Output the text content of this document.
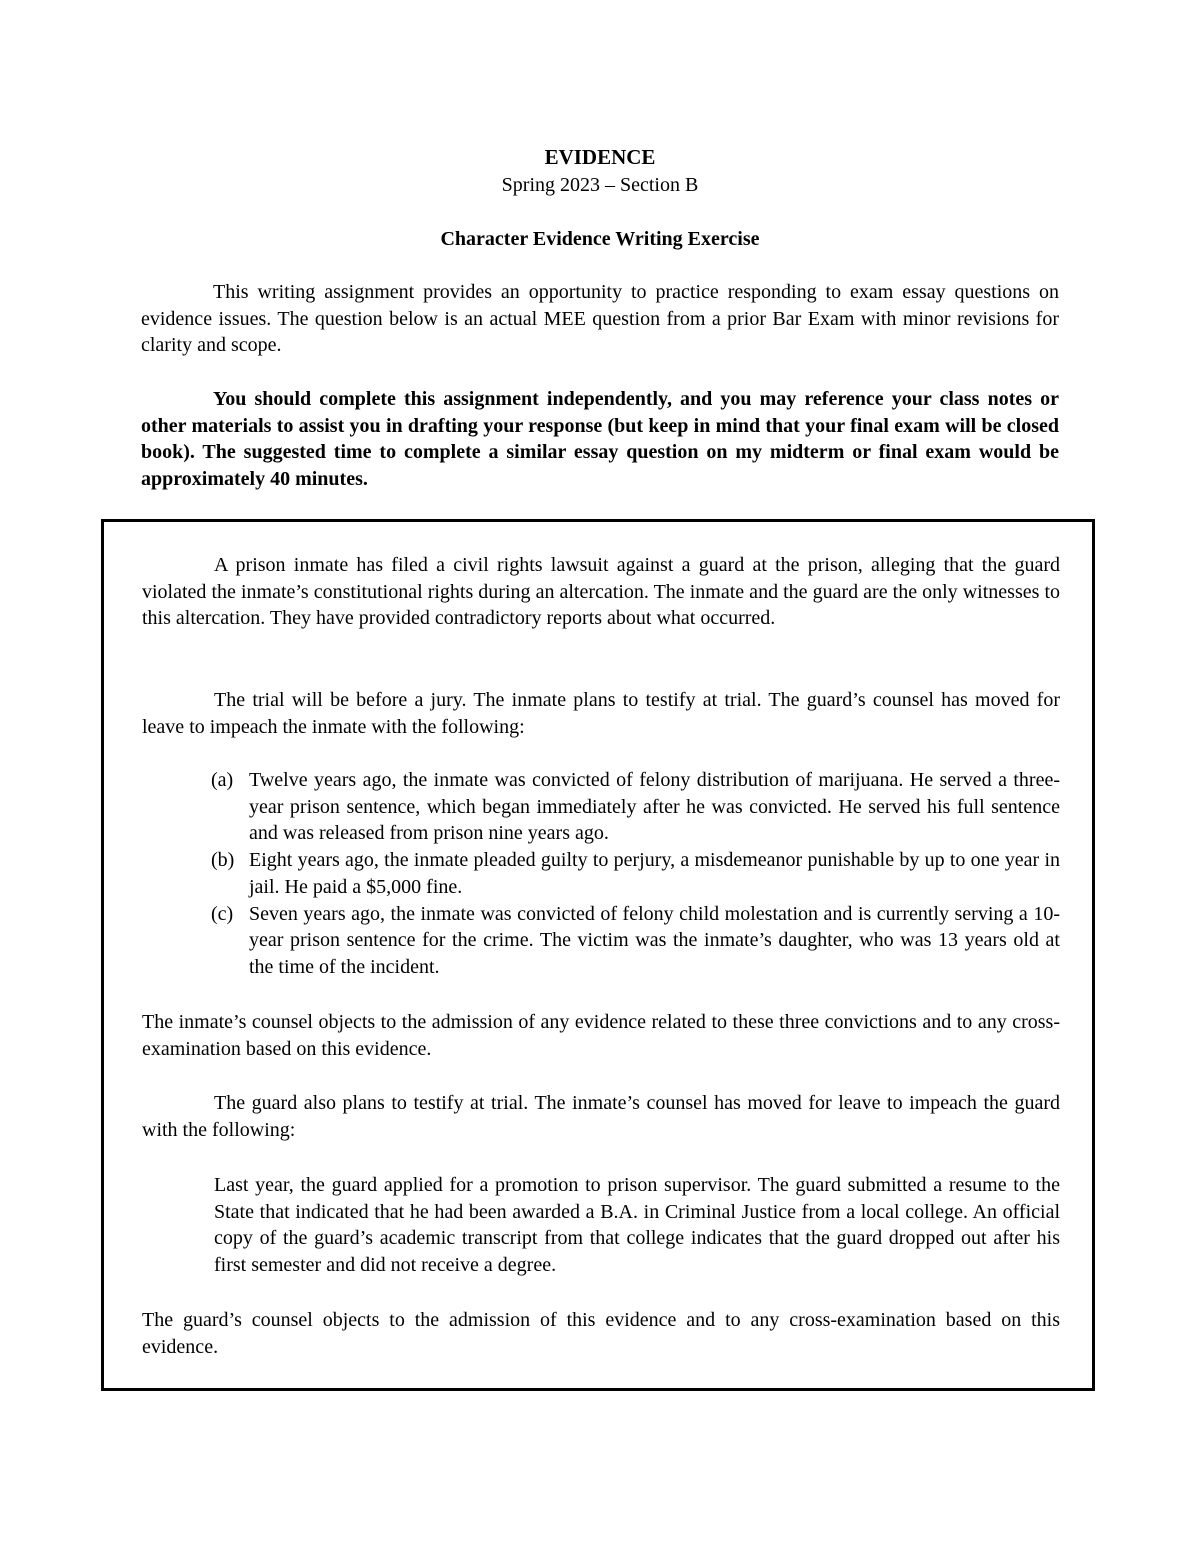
EVIDENCE
Spring 2023 – Section B
Character Evidence Writing Exercise

This writing assignment provides an opportunity to practice responding to exam essay questions on evidence issues. The question below is an actual MEE question from a prior Bar Exam with minor revisions for clarity and scope.

You should complete this assignment independently, and you may reference your class notes or other materials to assist you in drafting your response (but keep in mind that your final exam will be closed book). The suggested time to complete a similar essay question on my midterm or final exam would be approximately 40 minutes.

A prison inmate has filed a civil rights lawsuit against a guard at the prison, alleging that the guard violated the inmate’s constitutional rights during an altercation. The inmate and the guard are the only witnesses to this altercation. They have provided contradictory reports about what occurred.

The trial will be before a jury. The inmate plans to testify at trial. The guard’s counsel has moved for leave to impeach the inmate with the following:

(a) Twelve years ago, the inmate was convicted of felony distribution of marijuana. He served a three-year prison sentence, which began immediately after he was convicted. He served his full sentence and was released from prison nine years ago.
(b) Eight years ago, the inmate pleaded guilty to perjury, a misdemeanor punishable by up to one year in jail. He paid a $5,000 fine.
(c) Seven years ago, the inmate was convicted of felony child molestation and is currently serving a 10-year prison sentence for the crime. The victim was the inmate’s daughter, who was 13 years old at the time of the incident.

The inmate’s counsel objects to the admission of any evidence related to these three convictions and to any cross-examination based on this evidence.

The guard also plans to testify at trial. The inmate’s counsel has moved for leave to impeach the guard with the following:

Last year, the guard applied for a promotion to prison supervisor. The guard submitted a resume to the State that indicated that he had been awarded a B.A. in Criminal Justice from a local college. An official copy of the guard’s academic transcript from that college indicates that the guard dropped out after his first semester and did not receive a degree.

The guard’s counsel objects to the admission of this evidence and to any cross-examination based on this evidence.
